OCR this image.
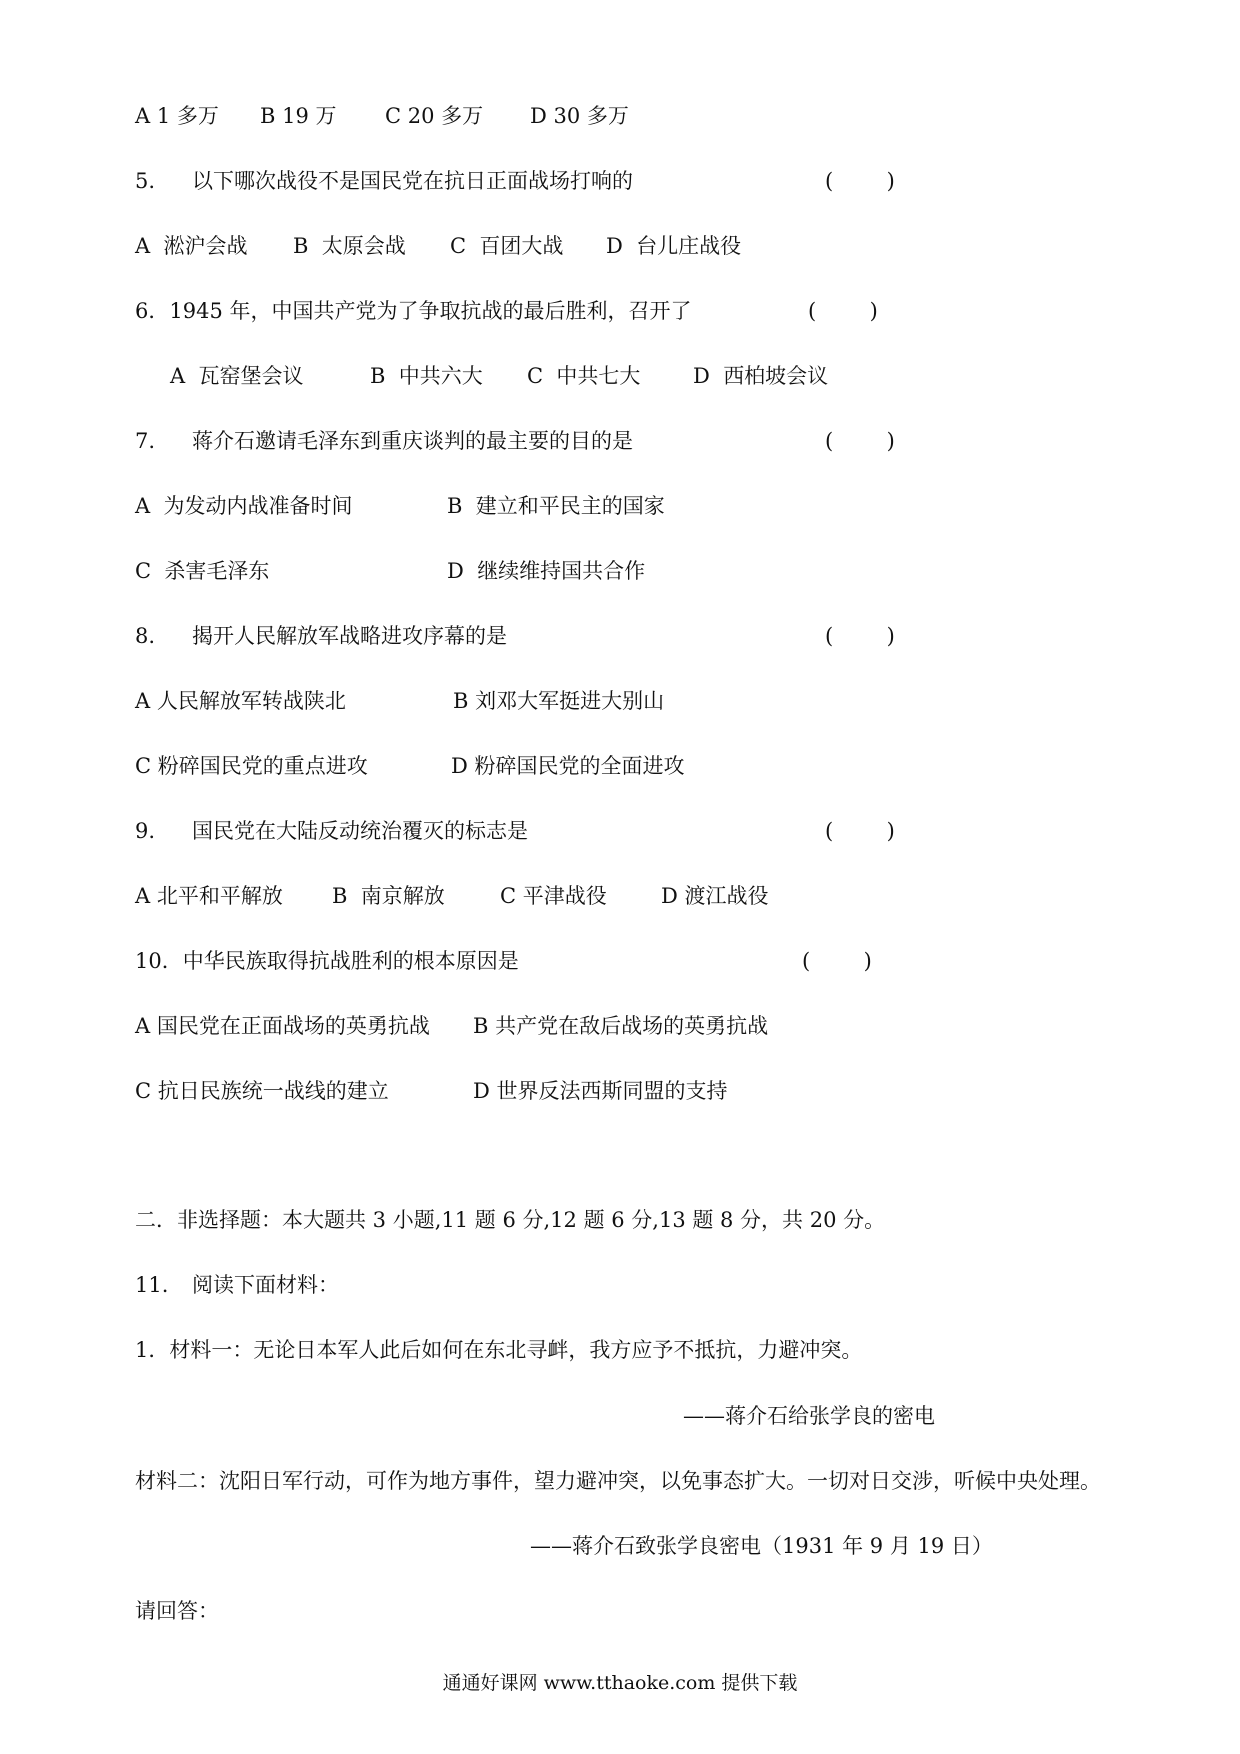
A 1 多万 B 19 万 C 20 多万 D 30 多万
5. 以下哪次战役不是国民党在抗日正面战场打响的	(        )
A  淞沪会战 B  太原会战 C  百团大战 D  台儿庄战役
6．1945 年，中国共产党为了争取抗战的最后胜利，召开了	(        )
A  瓦窑堡会议	B  中共六大 C  中共七大	D  西柏坡会议
7. 蒋介石邀请毛泽东到重庆谈判的最主要的目的是	(        )
A  为发动内战准备时间	B  建立和平民主的国家
C  杀害毛泽东	D  继续维持国共合作
8. 揭开人民解放军战略进攻序幕的是	(        )
A 人民解放军转战陕北	B 刘邓大军挺进大别山
C 粉碎国民党的重点进攻	D 粉碎国民党的全面进攻
9. 国民党在大陆反动统治覆灭的标志是	(        )
A 北平和平解放 B  南京解放	C 平津战役	D 渡江战役
10．中华民族取得抗战胜利的根本原因是	(        )
A 国民党在正面战场的英勇抗战 B 共产党在敌后战场的英勇抗战
C 抗日民族统一战线的建立	D 世界反法西斯同盟的支持
二．非选择题：本大题共 3 小题,11 题 6 分,12 题 6 分,13 题 8 分，共 20 分。
11. 阅读下面材料：
1．材料一：无论日本军人此后如何在东北寻衅，我方应予不抵抗，力避冲突。
——蒋介石给张学良的密电
材料二：沈阳日军行动，可作为地方事件，望力避冲突，以免事态扩大。一切对日交涉，听候中央处理。
——蒋介石致张学良密电（1931 年 9 月 19 日）
请回答：
通通好课网 www.tthaoke.com 提供下载
